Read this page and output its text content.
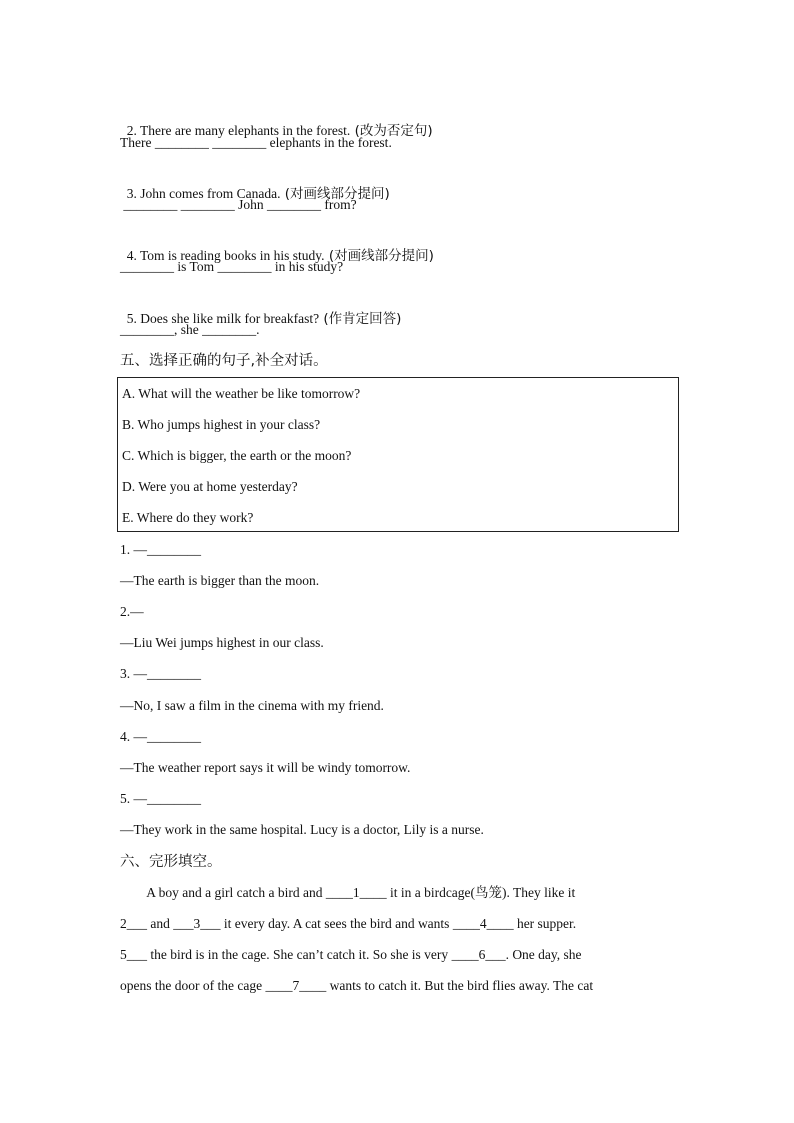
2. There are many elephants in the forest. (改为否定句)

There ________ ________ elephants in the forest.

3. John comes from Canada. (对画线部分提问)

________ ________ John ________ from?

4. Tom is reading books in his study. (对画线部分提问)

________ is Tom ________ in his study?

5. Does she like milk for breakfast? (作肯定回答)

________, she ________.
五、选择正确的句子,补全对话。
A. What will the weather be like tomorrow?
B. Who jumps highest in your class?
C. Which is bigger, the earth or the moon?
D. Were you at home yesterday?
E. Where do they work?
1. —________
—The earth is bigger than the moon.
2.—
—Liu Wei jumps highest in our class.
3. —________
—No, I saw a film in the cinema with my friend.
4. —________
—The weather report says it will be windy tomorrow.
5. —________
—They work in the same hospital. Lucy is a doctor, Lily is a nurse.
六、完形填空。
A boy and a girl catch a bird and ____1____ it in a birdcage(鸟笼). They like it
2___ and ___3___ it every day. A cat sees the bird and wants ____4____ her supper.
5___ the bird is in the cage. She can’t catch it. So she is very ____6___. One day, she
opens the door of the cage ____7____ wants to catch it. But the bird flies away. The cat
